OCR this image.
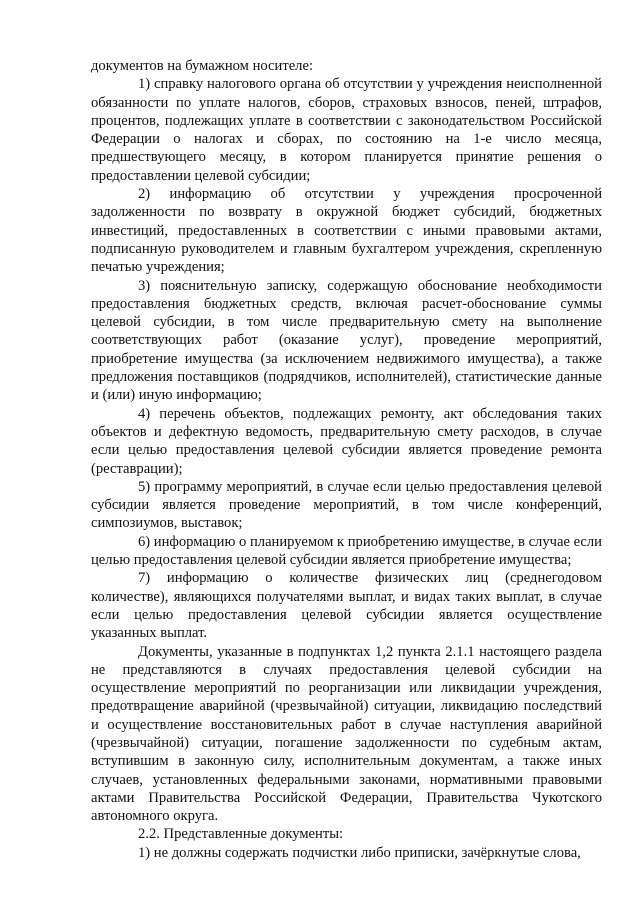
документов на бумажном носителе:

1) справку налогового органа об отсутствии у учреждения неисполненной обязанности по уплате налогов, сборов, страховых взносов, пеней, штрафов, процентов, подлежащих уплате в соответствии с законодательством Российской Федерации о налогах и сборах, по состоянию на 1-е число месяца, предшествующего месяцу, в котором планируется принятие решения о предоставлении целевой субсидии;

2) информацию об отсутствии у учреждения просроченной задолженности по возврату в окружной бюджет субсидий, бюджетных инвестиций, предоставленных в соответствии с иными правовыми актами, подписанную руководителем и главным бухгалтером учреждения, скрепленную печатью учреждения;

3) пояснительную записку, содержащую обоснование необходимости предоставления бюджетных средств, включая расчет-обоснование суммы целевой субсидии, в том числе предварительную смету на выполнение соответствующих работ (оказание услуг), проведение мероприятий, приобретение имущества (за исключением недвижимого имущества), а также предложения поставщиков (подрядчиков, исполнителей), статистические данные и (или) иную информацию;

4) перечень объектов, подлежащих ремонту, акт обследования таких объектов и дефектную ведомость, предварительную смету расходов, в случае если целью предоставления целевой субсидии является проведение ремонта (реставрации);

5) программу мероприятий, в случае если целью предоставления целевой субсидии является проведение мероприятий, в том числе конференций, симпозиумов, выставок;

6) информацию о планируемом к приобретению имуществе, в случае если целью предоставления целевой субсидии является приобретение имущества;

7) информацию о количестве физических лиц (среднегодовом количестве), являющихся получателями выплат, и видах таких выплат, в случае если целью предоставления целевой субсидии является осуществление указанных выплат.

Документы, указанные в подпунктах 1,2 пункта 2.1.1 настоящего раздела не представляются в случаях предоставления целевой субсидии на осуществление мероприятий по реорганизации или ликвидации учреждения, предотвращение аварийной (чрезвычайной) ситуации, ликвидацию последствий и осуществление восстановительных работ в случае наступления аварийной (чрезвычайной) ситуации, погашение задолженности по судебным актам, вступившим в законную силу, исполнительным документам, а также иных случаев, установленных федеральными законами, нормативными правовыми актами Правительства Российской Федерации, Правительства Чукотского автономного округа.

2.2. Представленные документы:

1) не должны содержать подчистки либо приписки, зачёркнутые слова,
